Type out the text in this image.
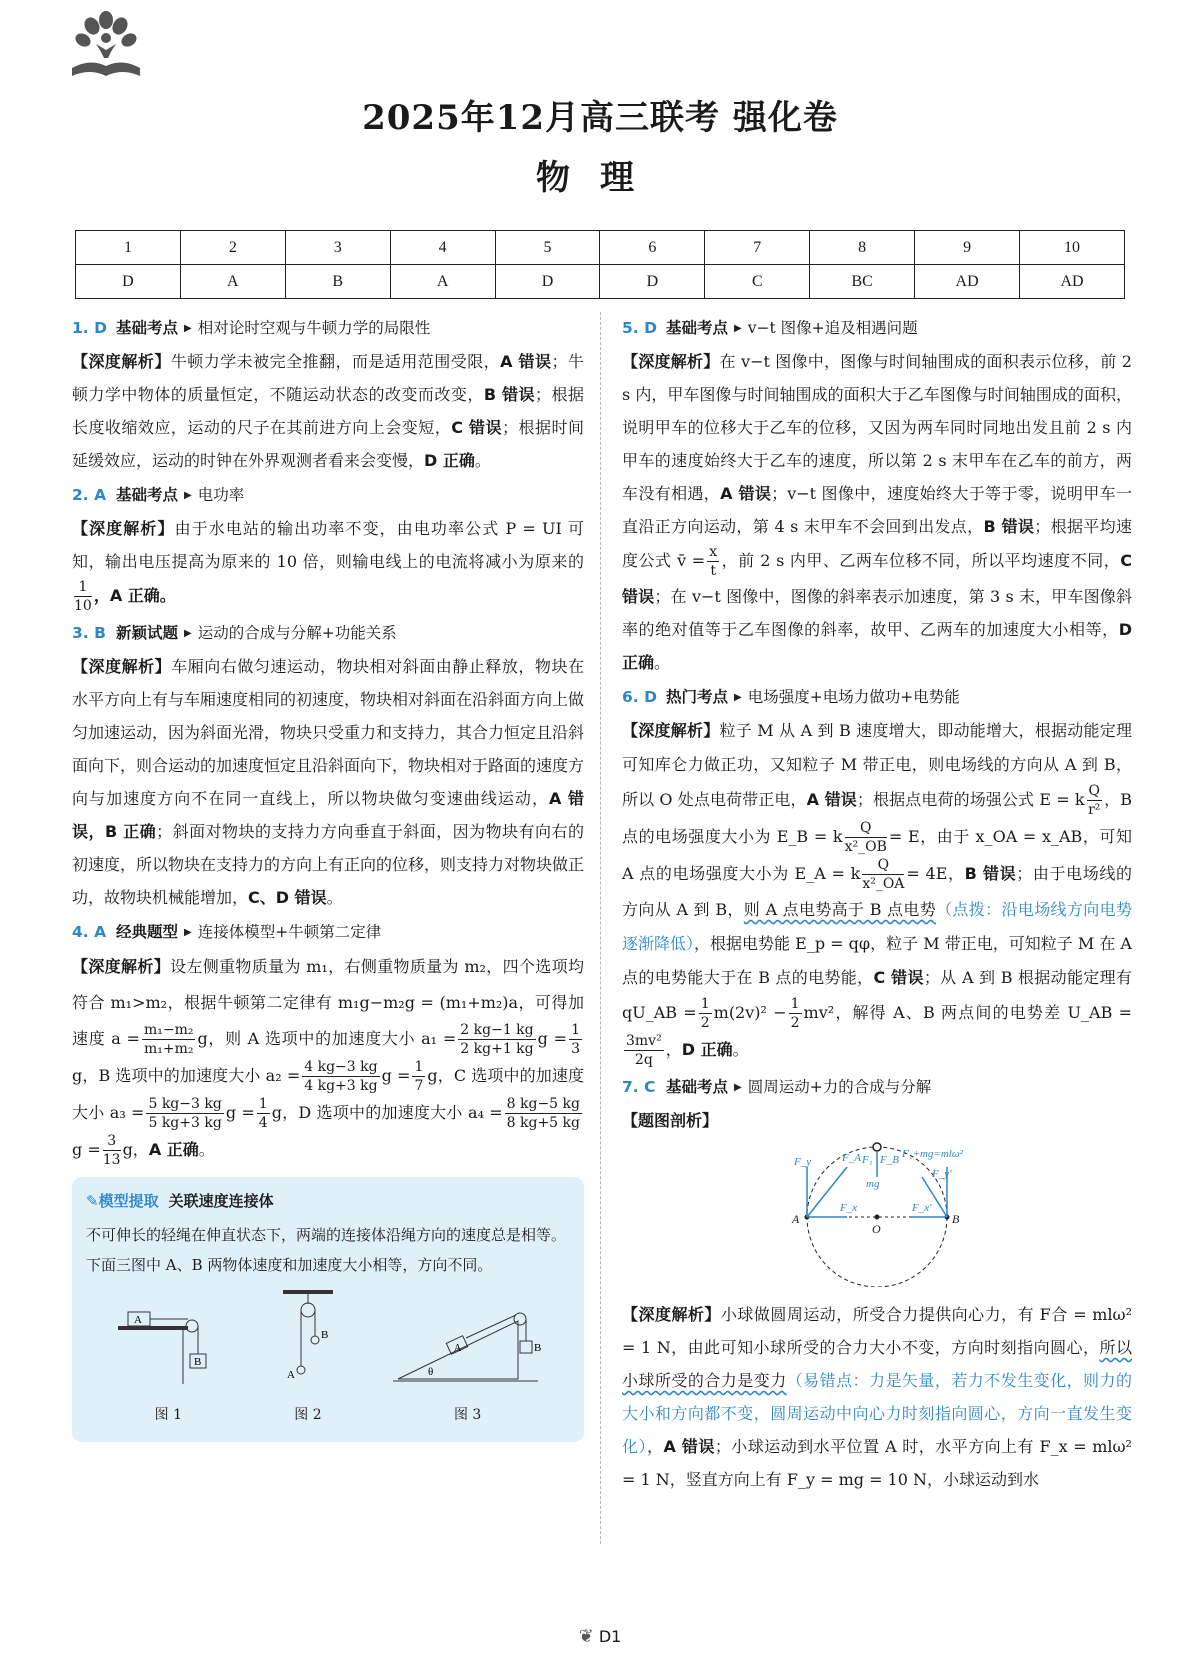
2025年12月高三联考 强化卷
物理
1	2	3	4	5	6	7	8	9	10
D	A	B	A	D	D	C	BC	AD	AD
1. D 基础考点 ▶ 相对论时空观与牛顿力学的局限性

【深度解析】牛顿力学未被完全推翻，而是适用范围受限，A 错误；牛顿力学中物体的质量恒定，不随运动状态的改变而改变，B 错误；根据长度收缩效应，运动的尺子在其前进方向上会变短，C 错误；根据时间延缓效应，运动的时钟在外界观测者看来会变慢，D 正确。

2. A 基础考点 ▶ 电功率

【深度解析】由于水电站的输出功率不变，由电功率公式 P = UI 可知，输出电压提高为原来的 10 倍，则输电线上的电流将减小为原来的
$\frac{1}{10}$ ，A 正确。

3. B 新颖试题 ▶ 运动的合成与分解+功能关系

【深度解析】车厢向右做匀速运动，物块相对斜面由静止释放，物块在水平方向上有与车厢速度相同的初速度，物块相对斜面在沿斜面方向上做匀加速运动，因为斜面光滑，物块只受重力和支持力，其合力恒定且沿斜面向下，则合运动的加速度恒定且沿斜面向下，物块相对于路面的速度方向与加速度方向不在同一直线上，所以物块做匀变速曲线运动，A 错误，B 正确；斜面对物块的支持力方向垂直于斜面，因为物块有向右的初速度，所以物块在支持力的方向上有正向的位移，则支持力对物块做正功，故物块机械能增加，C、D 错误。

4. A 经典题型 ▶ 连接体模型+牛顿第二定律

【深度解析】设左侧重物质量为 m₁，右侧重物质量为 m₂，四个选项均符合 m₁>m₂，根据牛顿第二定律有 m₁g−m₂g = (m₁+m₂)a，可得加速度 $a = \frac{\text{m₁−m₂}}{\text{m₁+m₂}}$ g，则 A 选项中的加速度大小 $a_1 = \frac{2 kg-1 kg}{2 kg+1 kg}$ $g = \frac{1}{3}$
g，B 选项中的加速度大小 $a_2 = \frac{4 kg-3 kg}{4 kg+3 kg}$ $g = \frac{1}{7}$ g，C 选项中的加速度大小 $a_3 = \frac{5 kg-3 kg}{5 kg+3 kg}$ $g = \frac{1}{4}$ g，D 选项中的加速度大小 $a_4 = \frac{8 kg-5 kg}{8 kg+5 kg}$
$g = \frac{3}{13}$ g，A 正确。

✎模型提取 关联速度连接体
不可伸长的轻绳在伸直状态下，两端的连接体沿绳方向的速度总是相等。下面三图中 A、B 两物体速度和加速度大小相等，方向不同。
A
B
图 1
A
B
图 2
A	B
θ
图 3
5. D 基础考点 ▶ v−t 图像+追及相遇问题

【深度解析】在 v−t 图像中，图像与时间轴围成的面积表示位移，前 2 s 内，甲车图像与时间轴围成的面积大于乙车图像与时间轴围成的面积，说明甲车的位移大于乙车的位移，又因为两车同时同地出发且前 2 s 内甲车的速度始终大于乙车的速度，所以第 2 s 末甲车在乙车的前方，两车没有相遇，A 错误；v−t 图像中，速度始终大于等于零，说明甲车一直沿正方向运动，第 4 s 末甲车不会回到出发点，B 错误；根据平均速度公式 v̄ = $\frac{x}{t}$ ，前 2 s 内甲、乙两车位移不同，所以平均速度不同，C 错误；在 v−t 图像中，图像的斜率表示加速度，第 3 s 末，甲车图像斜率的绝对值等于乙车图像的斜率，故甲、乙两车的加速度大小相等，D 正确。

6. D 热门考点 ▶ 电场强度+电场力做功+电势能

【深度解析】粒子 M 从 A 到 B 速度增大，即动能增大，根据动能定理可知库仑力做正功，又知粒子 M 带正电，则电场线的方向从 A 到 B，所以 O 处点电荷带正电，A 错误；根据点电荷的场强公式 E = k $\frac{Q}{\text{r²}}$ ，B 点的电场强度大小为 E_B = k $\frac{Q}{\text{x²\_OB}} = E$，由于 x_OA = x_AB，可知 A 点的电场强度大小为 E_A = k $\frac{Q}{\text{x²\_OA}} = 4E$，B 错误；由于电场线的方向从 A 到 B，则 A 点电势高于 B 点电势（点拨：沿电场线方向电势逐渐降低），根据电势能 E_p = qφ，粒子 M 带正电，可知粒子 M 在 A 点的电势能大于在 B 点的电势能，C 错误；从 A 到 B 根据动能定理有 qU_AB = $\frac{1}{2} m(2v)^2 - \frac{1}{2} mv^2$，解得 A、B 两点间的电势差 U_AB =
$\frac{\text{3mv²}}{2q}$ ，D 正确。

7. C 基础考点 ▶ 圆周运动+力的合成与分解
【题图剖析】
F_y	F_A F₁ F_B
mg
F₁+mg=mlω²
F_y'
F_x	F_x'
A
O
B

【深度解析】小球做圆周运动，所受合力提供向心力，有 F合 = mlω² = 1 N，由此可知小球所受的合力大小不变，方向时刻指向圆心，所以小球所受的合力是变力（易错点：力是矢量，若力不发生变化，则力的大小和方向都不变，圆周运动中向心力时刻指向圆心，方向一直发生变化），A 错误；小球运动到水平位置 A 时，水平方向上有 F_x = mlω² = 1 N，竖直方向上有 F_y = mg = 10 N，小球运动到水

❦ D1
